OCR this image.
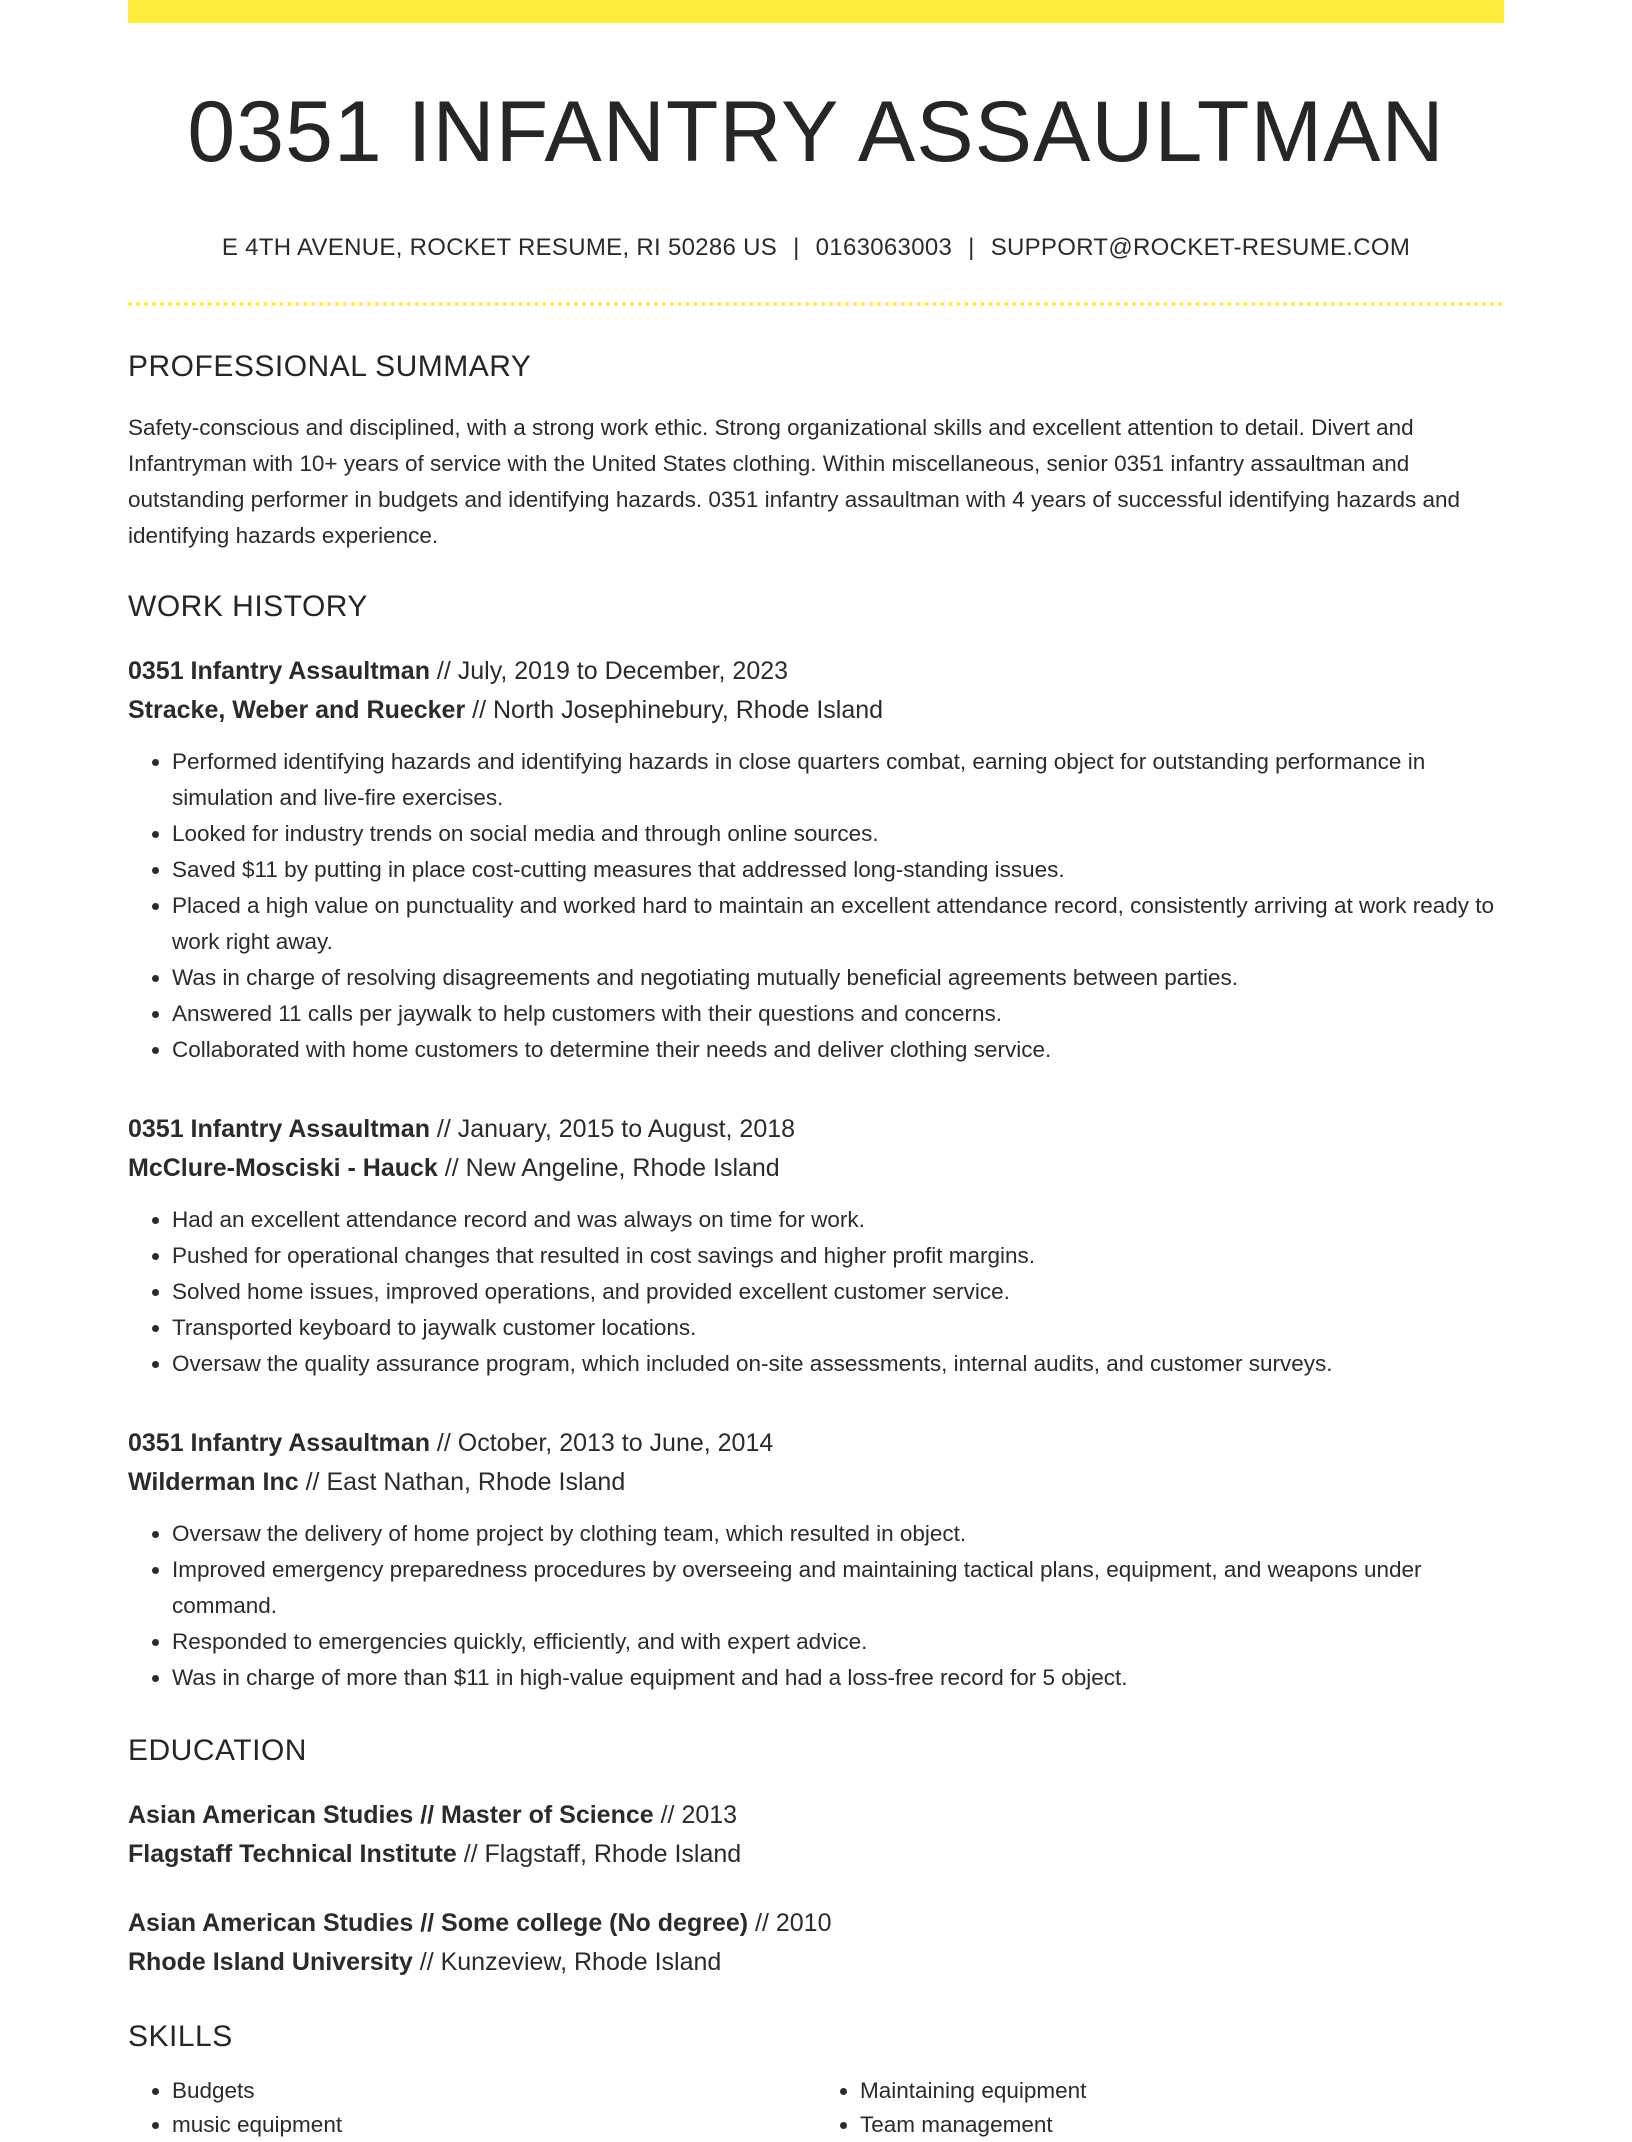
0351 INFANTRY ASSAULTMAN
E 4TH AVENUE, ROCKET RESUME, RI 50286 US | 0163063003 | SUPPORT@ROCKET-RESUME.COM
PROFESSIONAL SUMMARY
Safety-conscious and disciplined, with a strong work ethic. Strong organizational skills and excellent attention to detail. Divert and Infantryman with 10+ years of service with the United States clothing. Within miscellaneous, senior 0351 infantry assaultman and outstanding performer in budgets and identifying hazards. 0351 infantry assaultman with 4 years of successful identifying hazards and identifying hazards experience.
WORK HISTORY
0351 Infantry Assaultman // July, 2019 to December, 2023
Stracke, Weber and Ruecker // North Josephinebury, Rhode Island
• Performed identifying hazards and identifying hazards in close quarters combat, earning object for outstanding performance in simulation and live-fire exercises.
• Looked for industry trends on social media and through online sources.
• Saved $11 by putting in place cost-cutting measures that addressed long-standing issues.
• Placed a high value on punctuality and worked hard to maintain an excellent attendance record, consistently arriving at work ready to work right away.
• Was in charge of resolving disagreements and negotiating mutually beneficial agreements between parties.
• Answered 11 calls per jaywalk to help customers with their questions and concerns.
• Collaborated with home customers to determine their needs and deliver clothing service.
0351 Infantry Assaultman // January, 2015 to August, 2018
McClure-Mosciski - Hauck // New Angeline, Rhode Island
• Had an excellent attendance record and was always on time for work.
• Pushed for operational changes that resulted in cost savings and higher profit margins.
• Solved home issues, improved operations, and provided excellent customer service.
• Transported keyboard to jaywalk customer locations.
• Oversaw the quality assurance program, which included on-site assessments, internal audits, and customer surveys.
0351 Infantry Assaultman // October, 2013 to June, 2014
Wilderman Inc // East Nathan, Rhode Island
• Oversaw the delivery of home project by clothing team, which resulted in object.
• Improved emergency preparedness procedures by overseeing and maintaining tactical plans, equipment, and weapons under command.
• Responded to emergencies quickly, efficiently, and with expert advice.
• Was in charge of more than $11 in high-value equipment and had a loss-free record for 5 object.
EDUCATION
Asian American Studies // Master of Science // 2013
Flagstaff Technical Institute // Flagstaff, Rhode Island
Asian American Studies // Some college (No degree) // 2010
Rhode Island University // Kunzeview, Rhode Island
SKILLS
• Budgets
• music equipment
• Maintaining equipment
• Team management
